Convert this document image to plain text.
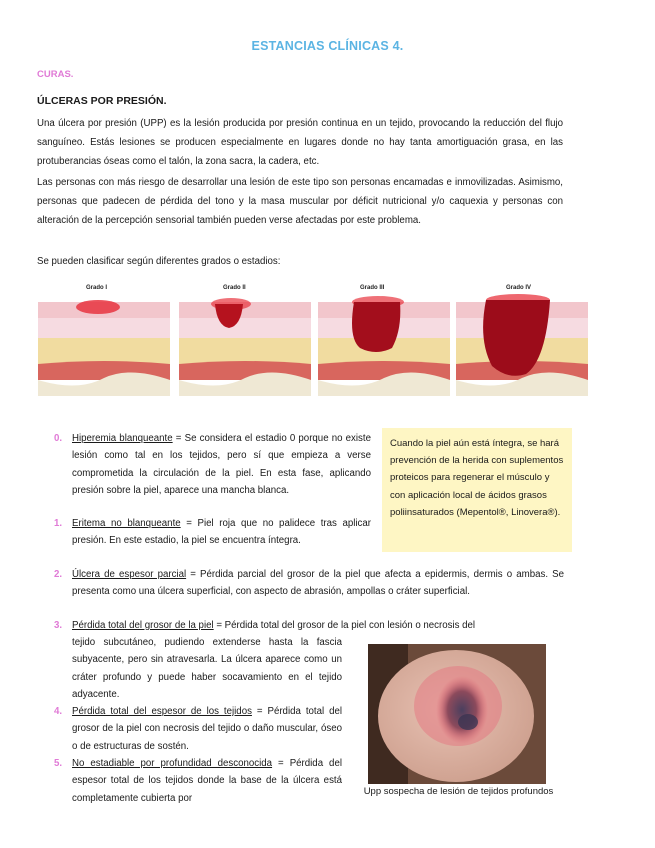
ESTANCIAS CLÍNICAS 4.
CURAS.
ÚLCERAS POR PRESIÓN.
Una úlcera por presión (UPP) es la lesión producida por presión continua en un tejido, provocando la reducción del flujo sanguíneo. Estás lesiones se producen especialmente en lugares donde no hay tanta amortiguación grasa, en las protuberancias óseas como el talón, la zona sacra, la cadera, etc.
Las personas con más riesgo de desarrollar una lesión de este tipo son personas encamadas e inmovilizadas. Asimismo, personas que padecen de pérdida del tono y la masa muscular por déficit nutricional y/o caquexia y personas con alteración de la percepción sensorial también pueden verse afectadas por este problema.
Se pueden clasificar según diferentes grados o estadios:
Grado I	Grado II	Grado III	Grado IV
0. Hiperemia blanqueante = Se considera el estadio 0 porque no existe lesión como tal en los tejidos, pero sí que empieza a verse comprometida la circulación de la piel. En esta fase, aplicando presión sobre la piel, aparece una mancha blanca.
1. Eritema no blanqueante = Piel roja que no palidece tras aplicar presión. En este estadio, la piel se encuentra íntegra.
Cuando la piel aún está íntegra, se hará prevención de la herida con suplementos proteicos para regenerar el músculo y con aplicación local de ácidos grasos poliinsaturados (Mepentol®, Linovera®).
2. Úlcera de espesor parcial = Pérdida parcial del grosor de la piel que afecta a epidermis, dermis o ambas. Se presenta como una úlcera superficial, con aspecto de abrasión, ampollas o cráter superficial.
3. Pérdida total del grosor de la piel = Pérdida total del grosor de la piel con lesión o necrosis del
tejido subcutáneo, pudiendo extenderse hasta la fascia subyacente, pero sin atravesarla. La úlcera aparece como un cráter profundo y puede haber socavamiento en el tejido adyacente.
4. Pérdida total del espesor de los tejidos = Pérdida total del grosor de la piel con necrosis del tejido o daño muscular, óseo o de estructuras de sostén.
5. No estadiable por profundidad desconocida = Pérdida del espesor total de los tejidos donde la base de la úlcera está completamente cubierta por
Upp sospecha de lesión de tejidos profundos
